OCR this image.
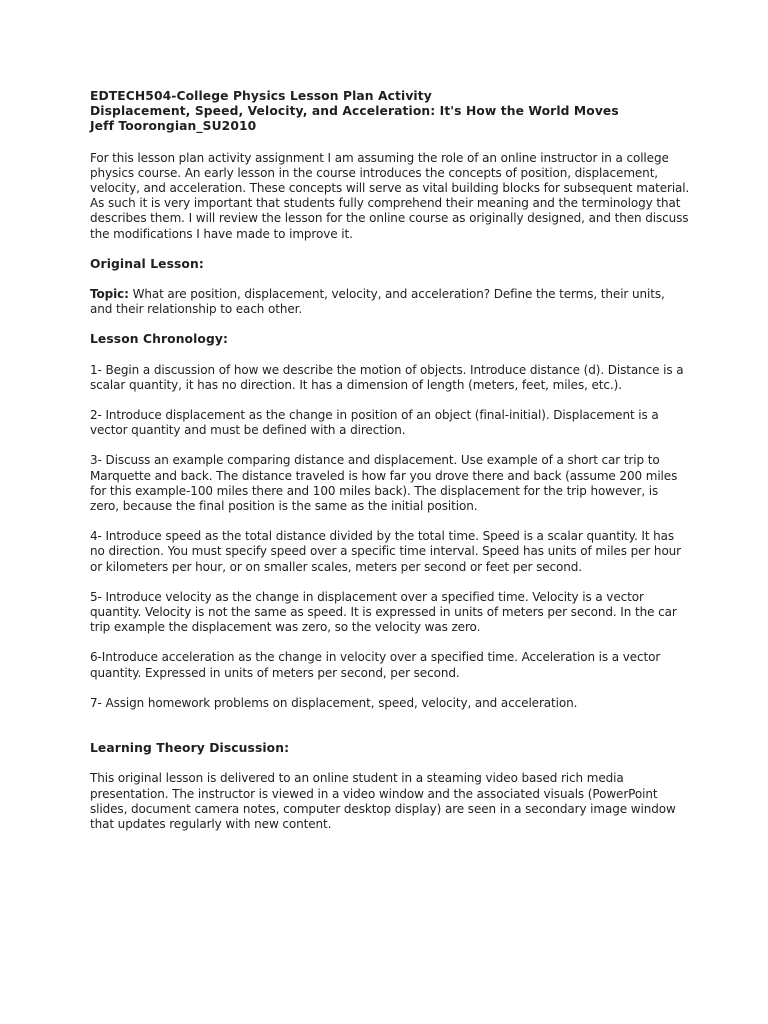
EDTECH504-College Physics Lesson Plan Activity
Displacement, Speed, Velocity, and Acceleration: It's How the World Moves
Jeff Toorongian_SU2010

For this lesson plan activity assignment I am assuming the role of an online instructor in a college physics course. An early lesson in the course introduces the concepts of position, displacement, velocity, and acceleration. These concepts will serve as vital building blocks for subsequent material. As such it is very important that students fully comprehend their meaning and the terminology that describes them. I will review the lesson for the online course as originally designed, and then discuss the modifications I have made to improve it.

Original Lesson:

Topic: What are position, displacement, velocity, and acceleration? Define the terms, their units, and their relationship to each other.

Lesson Chronology:

1- Begin a discussion of how we describe the motion of objects. Introduce distance (d). Distance is a scalar quantity, it has no direction. It has a dimension of length (meters, feet, miles, etc.).

2- Introduce displacement as the change in position of an object (final-initial). Displacement is a vector quantity and must be defined with a direction.

3- Discuss an example comparing distance and displacement. Use example of a short car trip to Marquette and back. The distance traveled is how far you drove there and back (assume 200 miles for this example-100 miles there and 100 miles back). The displacement for the trip however, is zero, because the final position is the same as the initial position.

4- Introduce speed as the total distance divided by the total time. Speed is a scalar quantity. It has no direction. You must specify speed over a specific time interval. Speed has units of miles per hour or kilometers per hour, or on smaller scales, meters per second or feet per second.

5- Introduce velocity as the change in displacement over a specified time. Velocity is a vector quantity. Velocity is not the same as speed. It is expressed in units of meters per second. In the car trip example the displacement was zero, so the velocity was zero.

6-Introduce acceleration as the change in velocity over a specified time. Acceleration is a vector quantity. Expressed in units of meters per second, per second.

7- Assign homework problems on displacement, speed, velocity, and acceleration.

Learning Theory Discussion:

This original lesson is delivered to an online student in a steaming video based rich media presentation. The instructor is viewed in a video window and the associated visuals (PowerPoint slides, document camera notes, computer desktop display) are seen in a secondary image window that updates regularly with new content.
